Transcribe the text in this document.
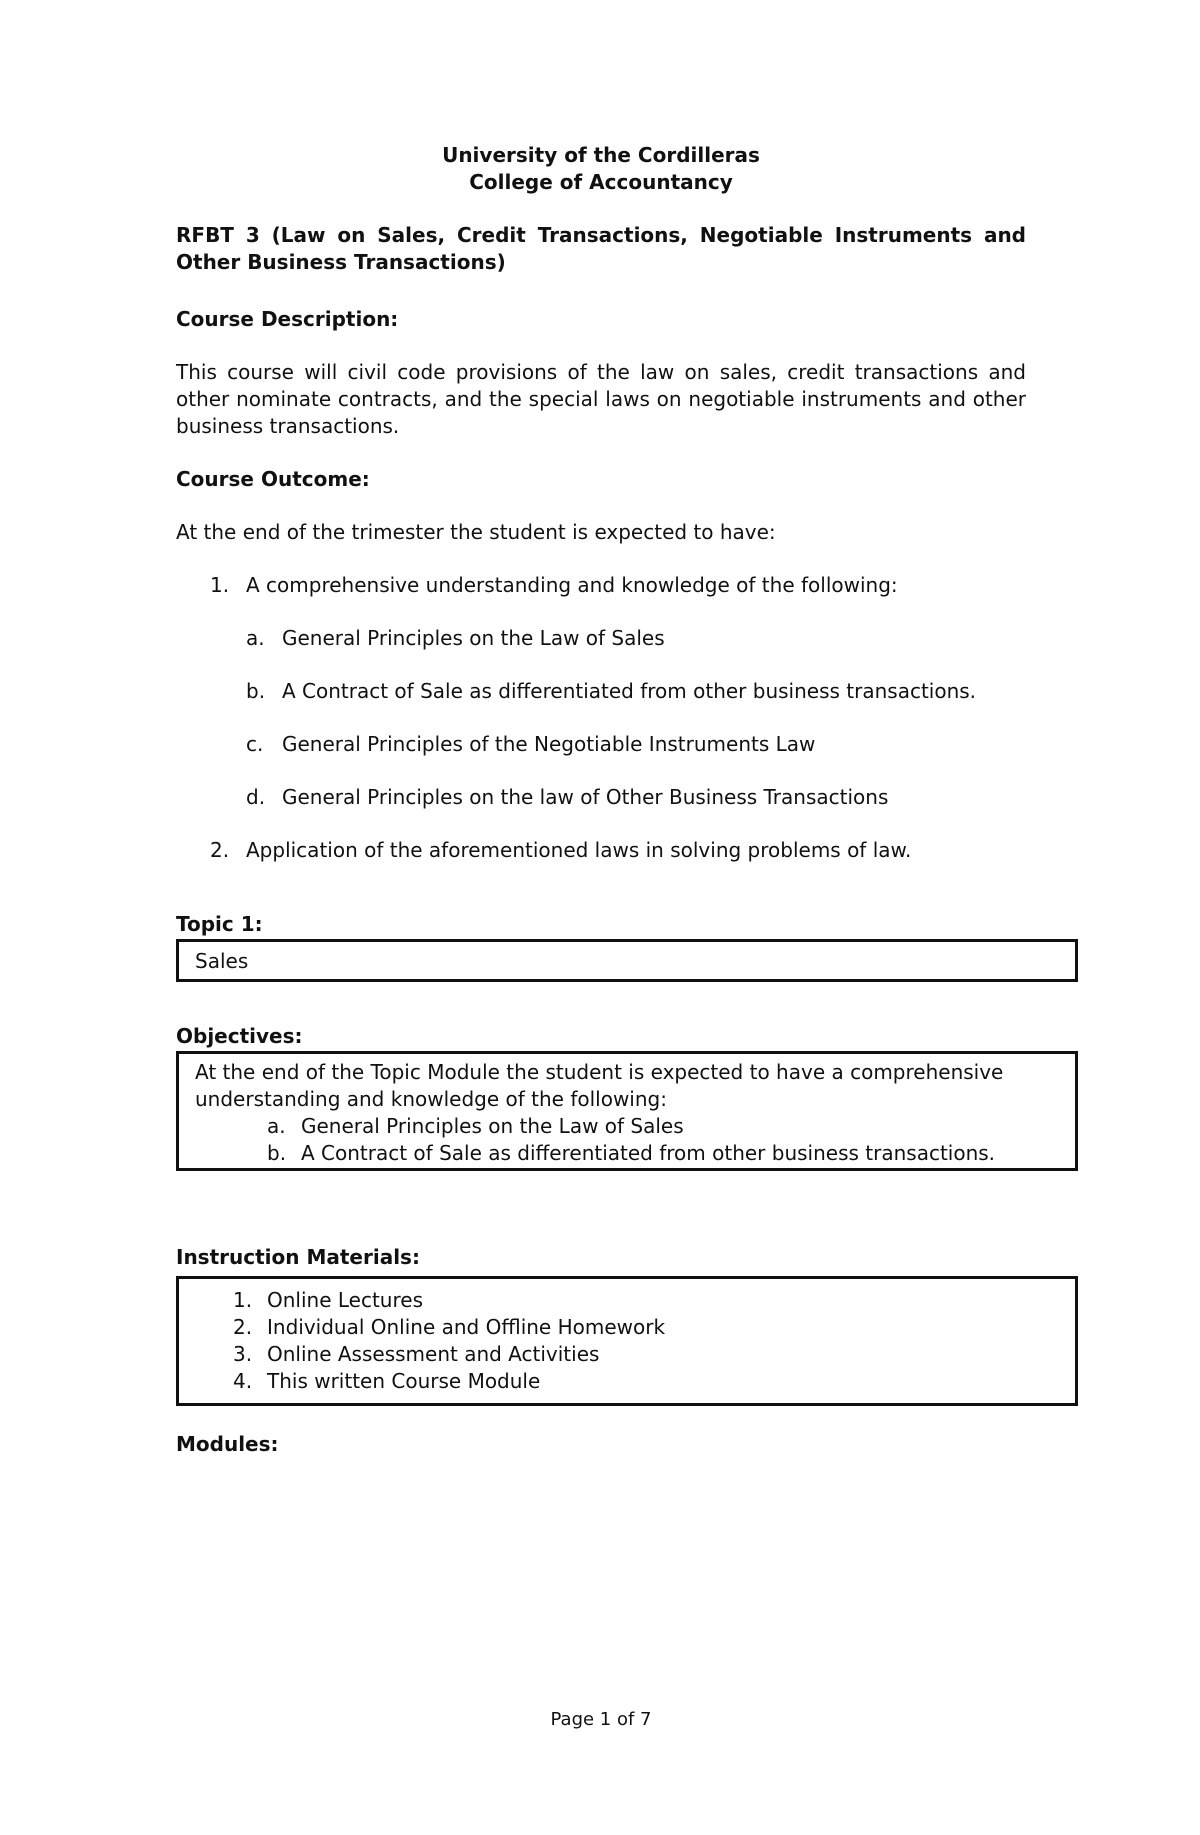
University of the Cordilleras
College of Accountancy
RFBT 3 (Law on Sales, Credit Transactions, Negotiable Instruments and Other Business Transactions)
Course Description:
This course will civil code provisions of the law on sales, credit transactions and other nominate contracts, and the special laws on negotiable instruments and other business transactions.
Course Outcome:
At the end of the trimester the student is expected to have:
1. A comprehensive understanding and knowledge of the following:
a. General Principles on the Law of Sales
b. A Contract of Sale as differentiated from other business transactions.
c. General Principles of the Negotiable Instruments Law
d. General Principles on the law of Other Business Transactions
2. Application of the aforementioned laws in solving problems of law.
Topic 1:
Sales
Objectives:
At the end of the Topic Module the student is expected to have a comprehensive understanding and knowledge of the following:
a. General Principles on the Law of Sales
b. A Contract of Sale as differentiated from other business transactions.
Instruction Materials:
1. Online Lectures
2. Individual Online and Offline Homework
3. Online Assessment and Activities
4. This written Course Module
Modules:
Page 1 of 7
